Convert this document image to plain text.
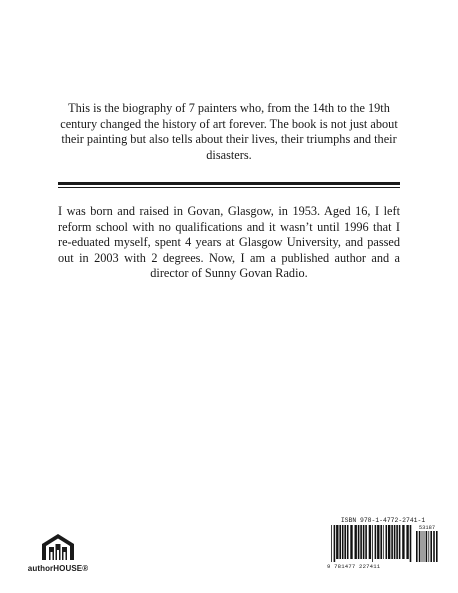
This is the biography of 7 painters who, from the 14th to the 19th century changed the history of art forever. The book is not just about their painting but also tells about their lives, their triumphs and their disasters.

I was born and raised in Govan, Glasgow, in 1953. Aged 16, I left reform school with no qualifications and it wasn’t until 1996 that I re-eduated myself, spent 4 years at Glasgow University, and passed out in 2003 with 2 degrees. Now, I am a published author and a director of Sunny Govan Radio.

authorHOUSE®
ISBN 978-1-4772-2741-1
53187
9 781477 227411
